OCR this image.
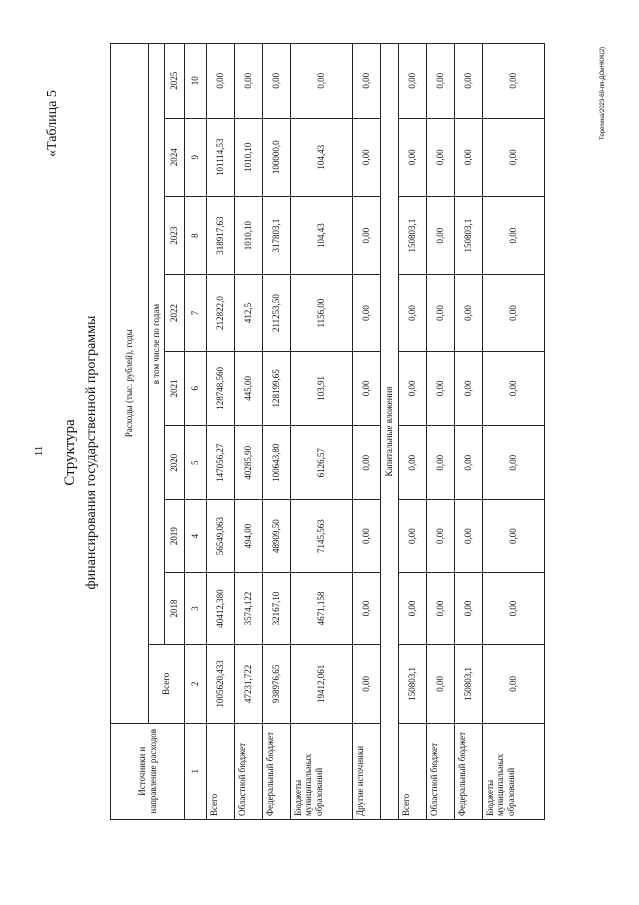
11
«Таблица 5
Структура финансирования государственной программы
Источники и направление расходов	Расходы (тыс. рублей), годы								
	Всего	в том числе по годам							
		2018	2019	2020	2021	2022	2023	2024	2025
1	2	3	4	5	6	7	8	9	10
Всего	1005620,433	40412,380	56549,063	147056,27	128748,560	212822,0	318917,63	101114,53	0,00
Областной бюджет	47231,722	3574,122	494,00	40285,90	445,00	412,5	1010,10	1010,10	0,00
Федеральный бюджет	938976,65	32167,10	48909,50	100643,80	128199,65	211253,50	317803,1	100000,0	0,00
Бюджеты муниципальных образований	19412,061	4671,158	7145,563	6126,57	103,91	1156,00	104,43	104,43	0,00
Другие источники	0,00	0,00	0,00	0,00	0,00	0,00	0,00	0,00	0,00
Капитальные вложения									
Всего	150803,1	0,00	0,00	0,00	0,00	0,00	150803,1	0,00	0,00
Областной бюджет	0,00	0,00	0,00	0,00	0,00	0,00	0,00	0,00	0,00
Федеральный бюджет	150803,1	0,00	0,00	0,00	0,00	0,00	150803,1	0,00	0,00
Бюджеты муниципальных образований	0,00	0,00	0,00	0,00	0,00	0,00	0,00	0,00	0,00	Терехина/2023-69-пп-ДОиНКЖ(2)
